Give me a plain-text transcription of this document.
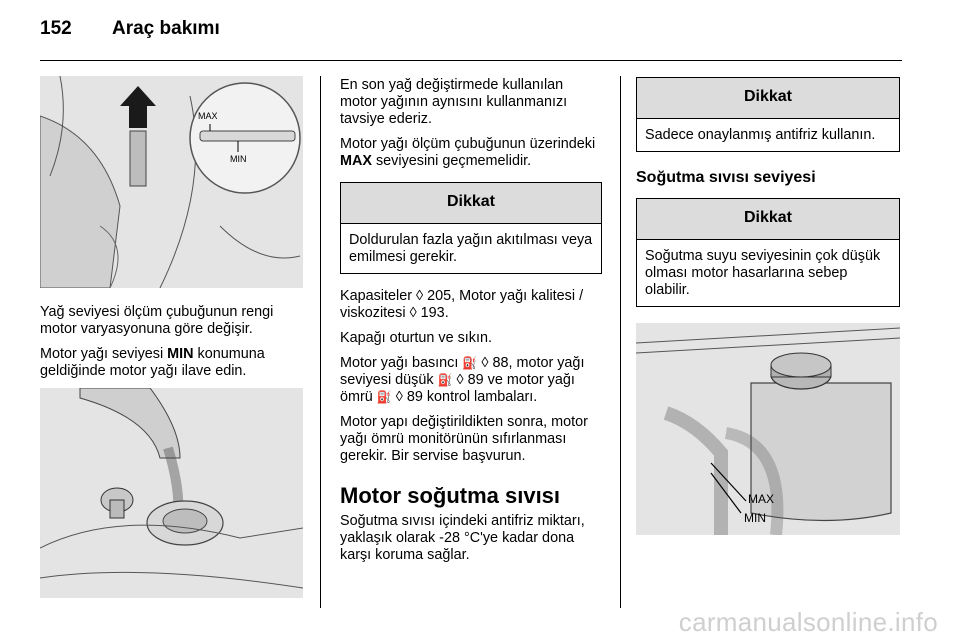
152 Araç bakımı
MAX
MIN

Yağ seviyesi ölçüm çubuğunun rengi motor varyasyonuna göre değişir.

Motor yağı seviyesi MIN konumuna geldiğinde motor yağı ilave edin.

En son yağ değiştirmede kullanılan motor yağının aynısını kullanmanızı tavsiye ederiz.

Motor yağı ölçüm çubuğunun üzerindeki MAX seviyesini geçmemelidir.

Dikkat
Doldurulan fazla yağın akıtılması veya emilmesi gerekir.

Kapasiteler ◊ 205, Motor yağı kalitesi / viskozitesi ◊ 193.

Kapağı oturtun ve sıkın.

Motor yağı basıncı ⛽ ◊ 88, motor yağı seviyesi düşük ⛽ ◊ 89 ve motor yağı ömrü ⛽ ◊ 89 kontrol lambaları.

Motor yapı değiştirildikten sonra, motor yağı ömrü monitörünün sıfırlanması gerekir. Bir servise başvurun.

Motor soğutma sıvısı

Soğutma sıvısı içindeki antifriz miktarı, yaklaşık olarak -28 °C'ye kadar dona karşı koruma sağlar.

Dikkat
Sadece onaylanmış antifriz kullanın.
Soğutma sıvısı seviyesi
Dikkat
Soğutma suyu seviyesinin çok düşük olması motor hasarlarına sebep olabilir.
MAX
MIN
carmanualsonline.info
